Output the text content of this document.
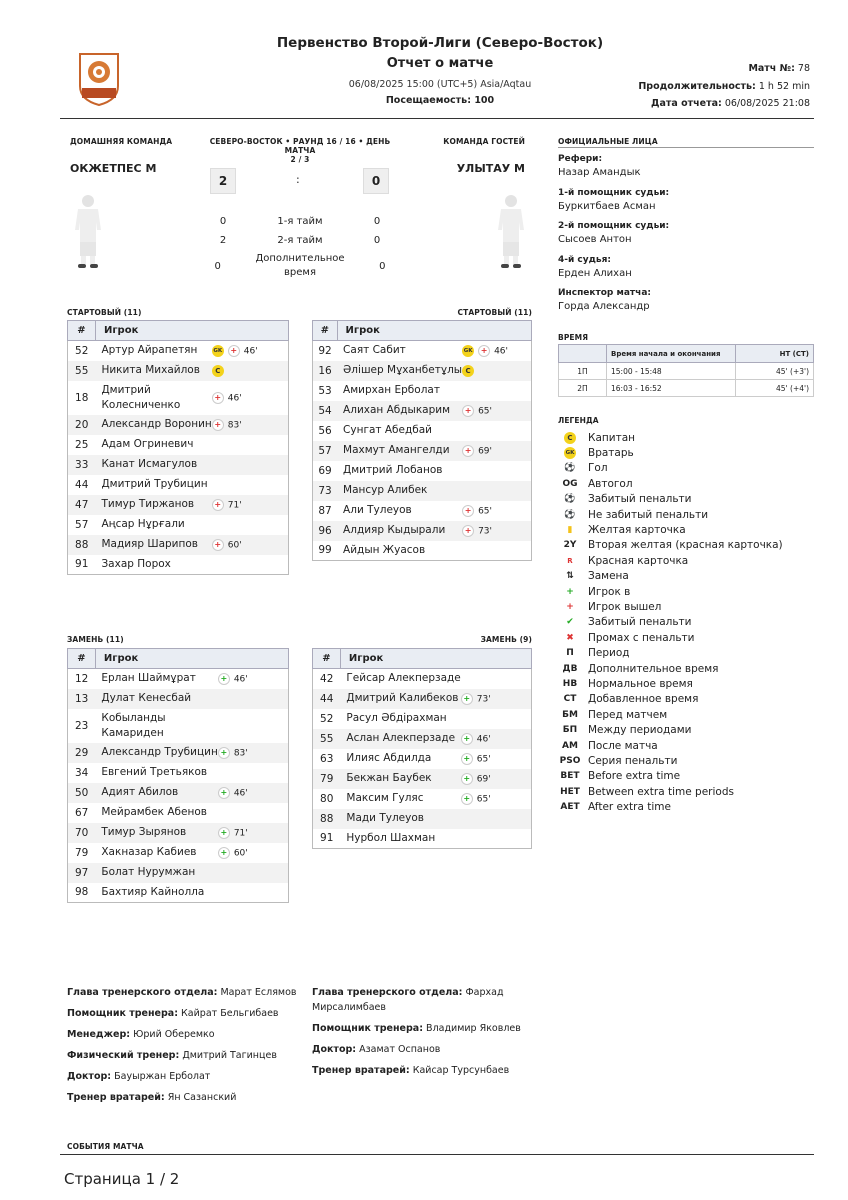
Первенство Второй-Лиги (Северо-Восток)
Отчет о матче
06/08/2025 15:00 (UTC+5) Asia/Aqtau
Посещаемость: 100
Матч №: 78
Продолжительность: 1 h 52 min
Дата отчета: 06/08/2025 21:08
ДОМАШНЯЯ КОМАНДА	СЕВЕРО-ВОСТОК • РАУНД 16 / 16 • ДЕНЬ МАТЧА
2 / 3
КОМАНДА ГОСТЕЙ
ОКЖЕТПЕС М	УЛЫТАУ М
2	:	0
0	1-я тайм	0
2	2-я тайм	0
0
Дополнительное время
0
СТАРТОВЫЙ (11)	СТАРТОВЫЙ (11)
ЗАМЕНЬ (11)	ЗАМЕНЬ (9)
#	Игрок	
52	Артур Айрапетян	GK + 46'
55	Никита Михайлов	C
18	Дмитрий Колесниченко	+ 46'
20	Александр Воронин	+ 83'
25	Адам Огриневич	
33	Канат Исмагулов	
44	Дмитрий Трубицин	
47	Тимур Тиржанов	+ 71'
57	Аңсар Нұрғали	
88	Мадияр Шарипов	+ 60'
91	Захар Порох	
#	Игрок	
92	Саят Сабит	GK + 46'
16	Әлішер Мұханбетұлы	C
53	Амирхан Ерболат	
54	Алихан Абдыкарим	+ 65'
56	Сунгат Абедбай	
57	Махмут Амангелди	+ 69'
69	Дмитрий Лобанов	
73	Мансур Алибек	
87	Али Тулеуов	+ 65'
96	Алдияр Кыдырали	+ 73'
99	Айдын Жуасов	
#	Игрок	
12	Ерлан Шаймұрат	+ 46'
13	Дулат Кенесбай	
23	Кобыланды Камариден	
29	Александр Трубицин	+ 83'
34	Евгений Третьяков	
50	Адият Абилов	+ 46'
67	Мейрамбек Абенов	
70	Тимур Зырянов	+ 71'
79	Хакназар Кабиев	+ 60'
97	Болат Нурумжан	
98	Бахтияр Кайнолла	
#	Игрок	
42	Гейсар Алекперзаде	
44	Дмитрий Калибеков	+ 73'
52	Расул Әбдірахман	
55	Аслан Алекперзаде	+ 46'
63	Илияс Абдилда	+ 65'
79	Бекжан Баубек	+ 69'
80	Максим Гуляс	+ 65'
88	Мади Тулеуов	
91	Нурбол Шахман	
ОФИЦИАЛЬНЫЕ ЛИЦА
Рефери:
Назар Амандык
1-й помощник судьи:
Буркитбаев Асман
2-й помощник судьи:
Сысоев Антон
4-й судья:
Ерден Алихан
Инспектор матча:
Горда Александр
ВРЕМЯ
	Время начала и окончания	HT (CT)
1П	15:00 - 15:48	45' (+3')
2П	16:03 - 16:52	45' (+4')
ЛЕГЕНДА
C	Капитан
GK	Вратарь
⚽	Гол
OG Автогол
⚽	Забитый пенальти
⚽	Не забитый пенальти
▮	Желтая карточка
2Y	Вторая желтая (красная карточка)
R	Красная карточка
⇅	Замена
+	Игрок в
+	Игрок вышел
✔	Забитый пенальти
✖	Промах с пенальти
П	Период
ДВ	Дополнительное время
НВ	Нормальное время
СТ	Добавленное время
БМ Перед матчем
БП	Между периодами
АМ После матча
PSO Серия пенальти
BET Before extra time
HET Between extra time periods
AET After extra time
Глава тренерского отдела: Марат Еслямов
Помощник тренера: Кайрат Бельгибаев
Менеджер: Юрий Оберемко
Физический тренер: Дмитрий Тагинцев
Доктор: Бауыржан Ерболат
Тренер вратарей: Ян Сазанский
Глава тренерского отдела: Фархад Мирсалимбаев
Помощник тренера: Владимир Яковлев
Доктор: Азамат Оспанов
Тренер вратарей: Кайсар Турсунбаев
СОБЫТИЯ МАТЧА
Страница 1 / 2
